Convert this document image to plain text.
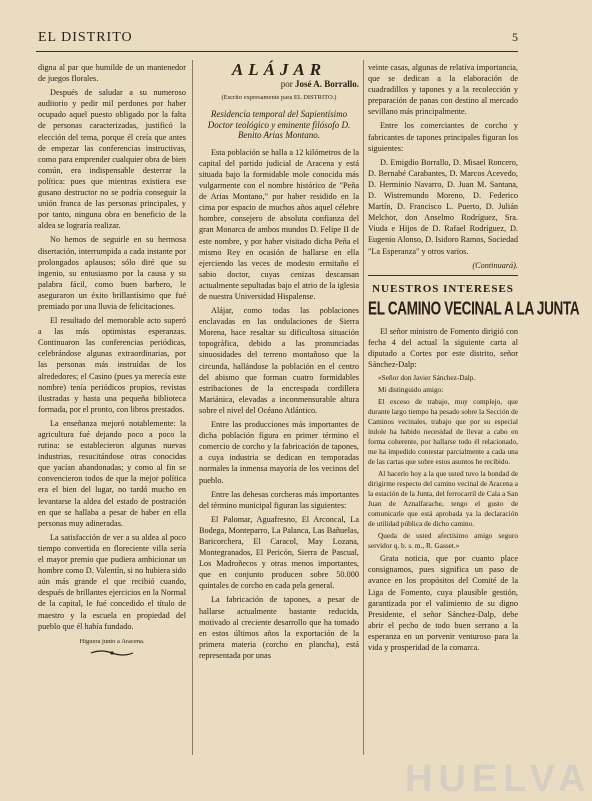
EL DISTRITO	5

digna al par que humilde de un mantenedor de juegos florales.

Después de saludar a su numeroso auditorio y pedir mil perdones por haber ocupado aquel puesto obligado por la falta de personas caracterizadas, justificó la elección del tema, porque él creía que antes de empezar las conferencias instructivas, como para emprender cualquier obra de bien común, era indispensable desterrar la política: pues que mientras existiera ese gusano destructor no se podría conseguir la unión franca de las personas principales, y por tanto, ninguna obra en beneficio de la aldea se lograría realizar.

No hemos de seguirle en su hermosa disertación, interrumpida a cada instante por prolongados aplausos; sólo diré que su ingenio, su entusiasmo por la causa y su palabra fácil, como buen barbero, le aseguraron un éxito brillantísimo que fué premiado por una lluvia de felicitaciones.

El resultado del memorable acto superó a las más optimistas esperanzas. Continuaron las conferencias periódicas, celebrándose algunas extraordinarias, por las personas más instruídas de los alrededores; el Casino (pues ya merecía este nombre) tenía periódicos propios, revistas ilustradas y hasta una pequeña biblioteca formada, por el pronto, con libros prestados.

La enseñanza mejoró notablemente: la agricultura fué dejando poco a poco la rutina: se establecieron algunas nuevas industrias, resucitándose otras conocidas que yacían abandonadas; y como al fin se convencieron todos de que la mejor política era el bien del lugar, no tardó mucho en levantarse la aldea del estado de postración en que se hallaba a pesar de haber en ella personas muy adineradas.

La satisfacción de ver a su aldea al poco tiempo convertida en floreciente villa sería el mayor premio que pudiera ambicionar un hombre como D. Valentín, si no hubiera sido aún más grande el que recibió cuando, después de brillantes ejercicios en la Normal de la capital, le fué concedido el título de maestro y la escuela en propiedad del pueblo que él había fundado.

Higuera junto a Aracena.
ALÁJAR
por José A. Borrallo.
(Escrito expresamente para EL DISTRITO.)
Residencia temporal del Sapientísimo Doctor teológico y eminente filósofo D. Benito Arias Montano.

Esta población se halla a 12 kilómetros de la capital del partido judicial de Aracena y está situada bajo la formidable mole conocida más vulgarmente con el nombre histórico de "Peña de Arias Montano," por haber residido en la cima por espacio de muchos años aquel célebre hombre, consejero de absoluta confianza del gran Monarca de ambos mundos D. Felipe II de este nombre, y por haber visitado dicha Peña el mismo Rey en ocasión de hallarse en ella ejerciendo las veces de modesto ermitaño el sabio doctor, cuyas cenizas descansan actualmente sepultadas bajo el atrio de la iglesia de nuestra Universidad Hispalense.

Alájar, como todas las poblaciones enclavadas en las ondulaciones de Sierra Morena, hace resaltar su dificultosa situación topográfica, debido a las pronunciadas sinuosidades del terreno montañoso que la circunda, hallándose la población en el centro del abismo que forman cuatro formidables estribaciones de la encrespada cordillera Mariánica, elevadas a inconmensurable altura sobre el nivel del Océano Atlántico.

Entre las producciones más importantes de dicha población figura en primer término el comercio de corcho y la fabricación de tapones, a cuya industria se dedican en temporadas normales la inmensa mayoría de los vecinos del pueblo.

Entre las dehesas corcheras más importantes del término municipal figuran las siguientes:

El Palomar, Aguafresno, El Arconcal, La Bodega, Monteparro, La Palanca, Las Bañuelas, Baricorchera, El Caracol, May Lozana, Montegranados, El Pericón, Sierra de Pascual, Los Madroñecos y otras menos importantes, que en conjunto producen sobre 50.000 quintales de corcho en cada pela general.

La fabricación de tapones, a pesar de hallarse actualmente bastante reducida, motivado al creciente desarrollo que ha tomado en estos últimos años la exportación de la primera materia (corcho en plancha), está representada por unas

veinte casas, algunas de relativa importancia, que se dedican a la elaboración de cuadradillos y tapones y a la recolección y preparación de panas con destino al mercado sevillano más principalmente.

Entre los comerciantes de corcho y fabricantes de tapones principales figuran los siguientes:

D. Emigdio Borrallo, D. Misael Roncero, D. Bernabé Carabantes, D. Marcos Acevedo, D. Herminio Navarro, D. Juan M. Santana, D. Wistremundo Moreno, D. Federico Martín, D. Francisco L. Puerto, D. Julián Melchor, don Anselmo Rodríguez, Sra. Viuda e Hijos de D. Rafael Rodríguez, D. Eugenio Alonso, D. Isidoro Ramos, Sociedad "La Esperanza" y otros varios.

(Continuará).
NUESTROS INTERESES
EL CAMINO VECINAL A LA JUNTA

El señor ministro de Fomento dirigió con fecha 4 del actual la siguiente carta al diputado a Cortes por este distrito, señor Sánchez-Dalp:

«Señor don Javier Sánchez-Dalp.

Mi distinguido amigo:

El exceso de trabajo, muy complejo, que durante largo tiempo ha pesado sobre la Sección de Caminos vecinales, trabajo que por su especial índole ha habido necesidad de llevar a cabo en forma coherente, por hallarse todo él relacionado, me ha impedido contestar parcialmente a cada una de las cartas que sobre estos asuntos he recibido.

Al hacerlo hoy a la que usted tuvo la bondad de dirigirme respecto del camino vecinal de Aracena a la estación de la Junta, del ferrocarril de Cala a San Juan de Aznalfarache, tengo el gusto de comunicarle que está aprobada ya la declaración de utilidad pública de dicho camino.

Queda de usted afectísimo amigo seguro servidor q. b. s. m., R. Gasset.»

Grata noticia, que por cuanto place consignamos, pues significa un paso de avance en los propósitos del Comité de la Liga de Fomento, cuya plausible gestión, garantizada por el valimiento de su digno Presidente, el señor Sánchez-Dalp, debe abrir el pecho de todo buen serrano a la esperanza en un porvenir venturoso para la vida y prosperidad de la comarca.

HUELVA
